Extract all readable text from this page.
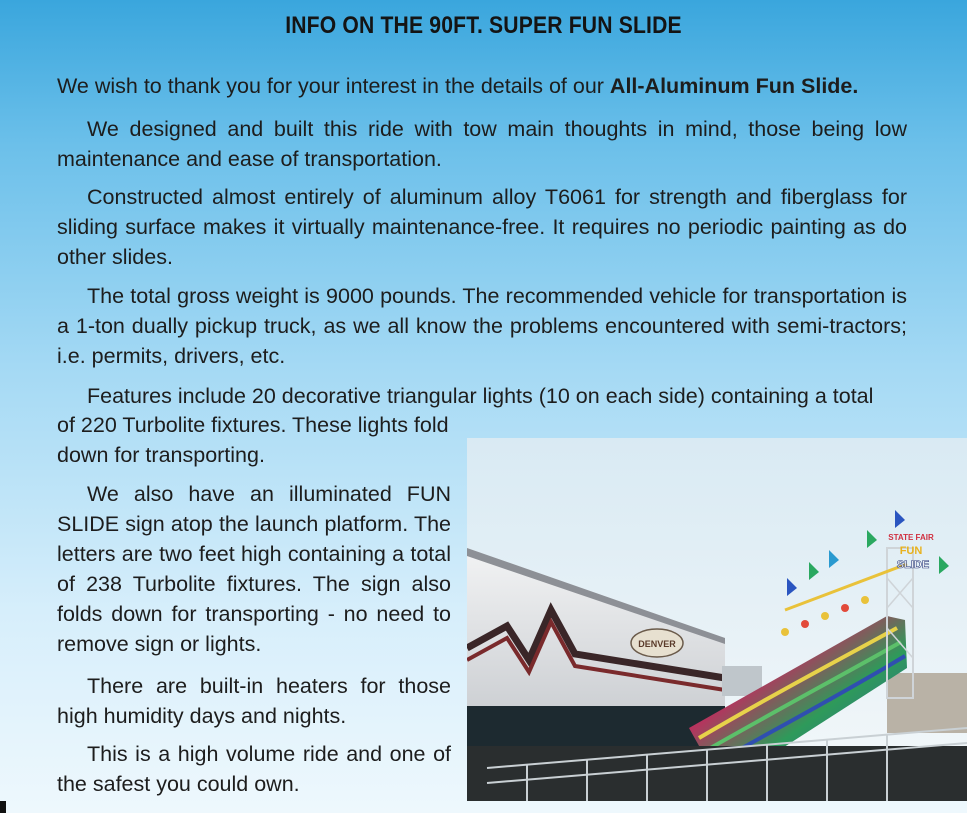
INFO ON THE 90FT. SUPER FUN SLIDE

We wish to thank you for your interest in the details of our All-Aluminum Fun Slide.

We designed and built this ride with tow main thoughts in mind, those being low maintenance and ease of transportation.

Constructed almost entirely of aluminum alloy T6061 for strength and fiberglass for sliding surface makes it virtually maintenance-free. It requires no periodic painting as do other slides.

The total gross weight is 9000 pounds. The recommended vehicle for transportation is a 1-ton dually pickup truck, as we all know the problems encountered with semi-tractors; i.e. permits, drivers, etc.

Features include 20 decorative triangular lights (10 on each side) containing a total

of 220 Turbolite fixtures. These lights fold down for transporting.

We also have an illuminated FUN SLIDE sign atop the launch platform. The letters are two feet high containing a total of 238 Turbolite fixtures. The sign also folds down for transporting - no need to remove sign or lights.

There are built-in heaters for those high humidity days and nights.

This is a high volume ride and one of the safest you could own.

DENVER
STATE FAIR
FUN
SLIDE
